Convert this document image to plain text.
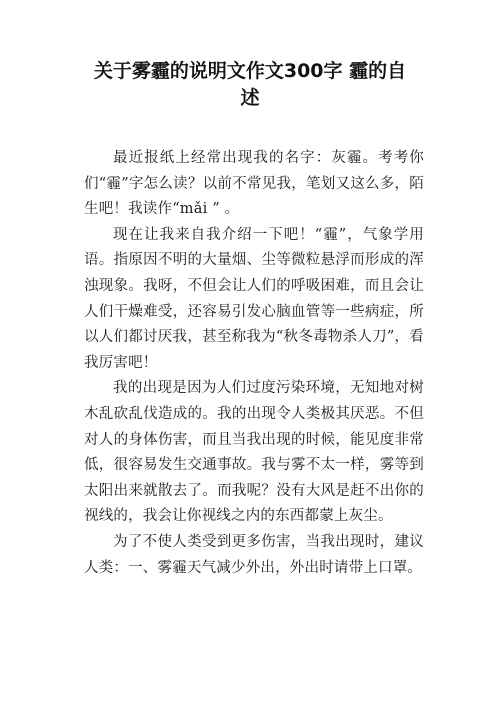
关于雾霾的说明文作文300字 霾的自
述

最近报纸上经常出现我的名字：灰霾。考考你们“霾”字怎么读？以前不常见我，笔划又这么多，陌生吧！我读作“mǎi ” 。

现在让我来自我介绍一下吧！“霾”，气象学用语。指原因不明的大量烟、尘等微粒悬浮而形成的浑浊现象。我呀，不但会让人们的呼吸困难，而且会让人们干燥难受，还容易引发心脑血管等一些病症，所以人们都讨厌我，甚至称我为“秋冬毒物杀人刀”，看我厉害吧！

我的出现是因为人们过度污染环境，无知地对树木乱砍乱伐造成的。我的出现令人类极其厌恶。不但对人的身体伤害，而且当我出现的时候，能见度非常低，很容易发生交通事故。我与雾不太一样，雾等到太阳出来就散去了。而我呢？没有大风是赶不出你的视线的，我会让你视线之内的东西都蒙上灰尘。

为了不使人类受到更多伤害，当我出现时，建议人类：一、雾霾天气减少外出，外出时请带上口罩。
